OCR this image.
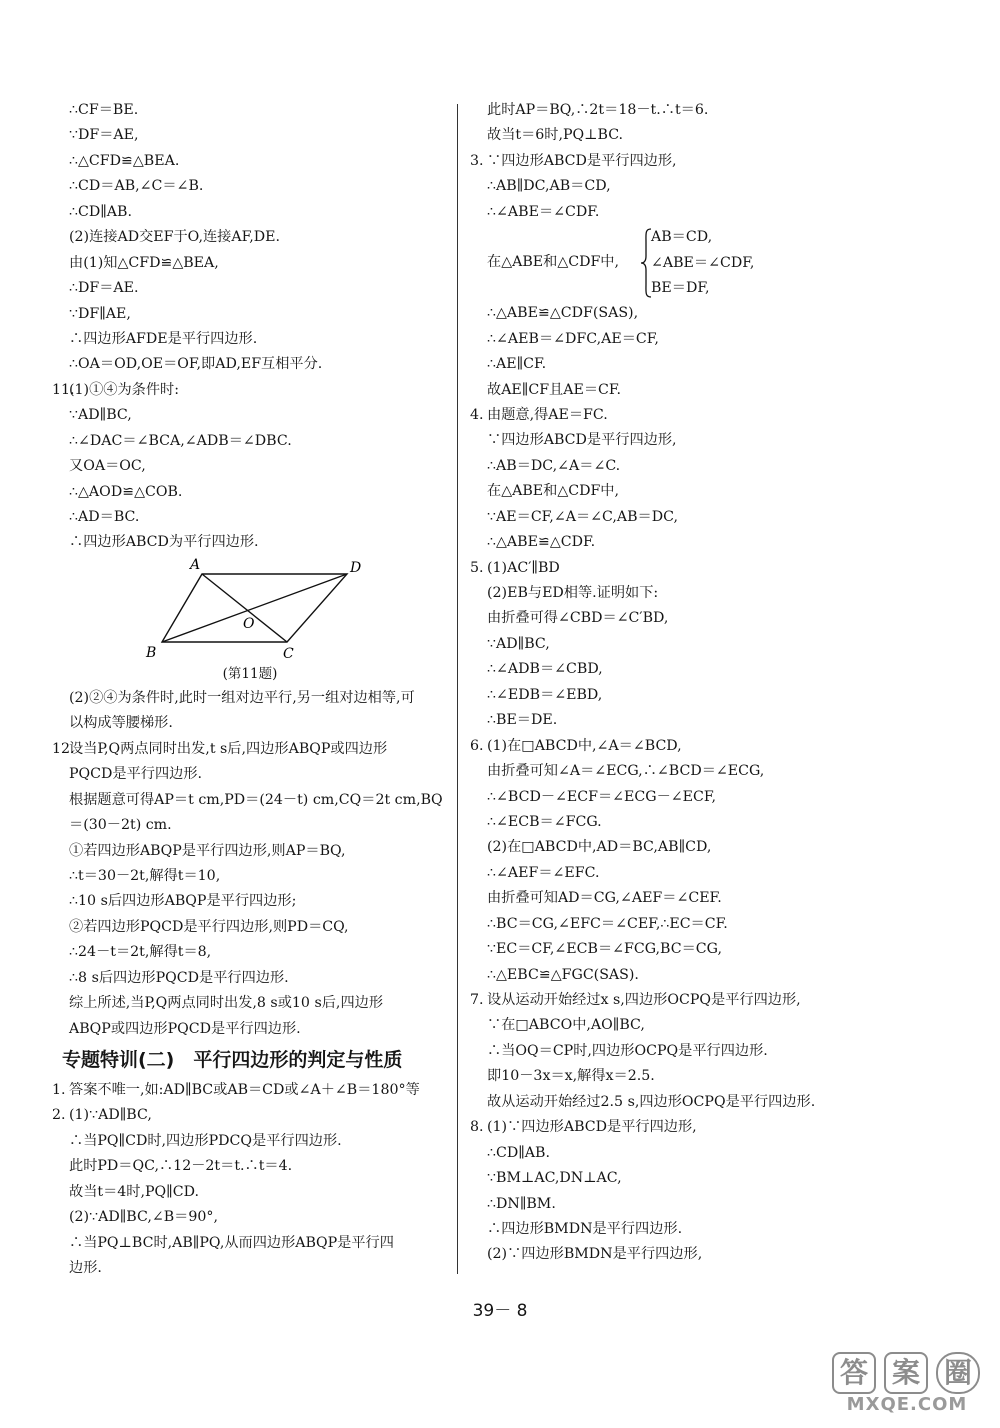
∴CF＝BE.
∵DF＝AE,
∴△CFD≌△BEA.
∴CD＝AB,∠C＝∠B.
∴CD∥AB.
(2)连接AD交EF于O,连接AF,DE.
由(1)知△CFD≌△BEA,
∴DF＝AE.
∵DF∥AE,
∴四边形AFDE是平行四边形.
∴OA＝OD,OE＝OF,即AD,EF互相平分.
11.(1)①④为条件时:
∵AD∥BC,
∴∠DAC＝∠BCA,∠ADB＝∠DBC.
又OA＝OC,
∴△AOD≌△COB.
∴AD＝BC.
∴四边形ABCD为平行四边形.
A	D
B	C
O
(第11题)
(2)②④为条件时,此时一组对边平行,另一组对边相等,可
以构成等腰梯形.
12.设当P,Q两点同时出发,t s后,四边形ABQP或四边形
PQCD是平行四边形.
根据题意可得AP＝t cm,PD＝(24－t) cm,CQ＝2t cm,BQ
＝(30－2t) cm.
①若四边形ABQP是平行四边形,则AP＝BQ,
∴t＝30－2t,解得t＝10,
∴10 s后四边形ABQP是平行四边形;
②若四边形PQCD是平行四边形,则PD＝CQ,
∴24－t＝2t,解得t＝8,
∴8 s后四边形PQCD是平行四边形.
综上所述,当P,Q两点同时出发,8 s或10 s后,四边形
ABQP或四边形PQCD是平行四边形.
专题特训(二)　平行四边形的判定与性质
1. 答案不唯一,如:AD∥BC或AB＝CD或∠A＋∠B＝180°等
2. (1)∵AD∥BC,
∴当PQ∥CD时,四边形PDCQ是平行四边形.
此时PD＝QC,∴12－2t＝t.∴t＝4.
故当t＝4时,PQ∥CD.
(2)∵AD∥BC,∠B＝90°,
∴当PQ⊥BC时,AB∥PQ,从而四边形ABQP是平行四
边形.
此时AP＝BQ,∴2t＝18－t.∴t＝6.
故当t＝6时,PQ⊥BC.
3. ∵四边形ABCD是平行四边形,
∴AB∥DC,AB＝CD,
∴∠ABE＝∠CDF.
在△ABE和△CDF中,
AB＝CD,
∠ABE＝∠CDF,
BE＝DF,
∴△ABE≌△CDF(SAS),
∴∠AEB＝∠DFC,AE＝CF,
∴AE∥CF.
故AE∥CF且AE＝CF.
4. 由题意,得AE＝FC.
∵四边形ABCD是平行四边形,
∴AB＝DC,∠A＝∠C.
在△ABE和△CDF中,
∵AE＝CF,∠A＝∠C,AB＝DC,
∴△ABE≌△CDF.
5. (1)AC′∥BD
(2)EB与ED相等.证明如下:
由折叠可得∠CBD＝∠C′BD,
∵AD∥BC,
∴∠ADB＝∠CBD,
∴∠EDB＝∠EBD,
∴BE＝DE.
6. (1)在□ABCD中,∠A＝∠BCD,
由折叠可知∠A＝∠ECG,∴∠BCD＝∠ECG,
∴∠BCD－∠ECF＝∠ECG－∠ECF,
∴∠ECB＝∠FCG.
(2)在□ABCD中,AD＝BC,AB∥CD,
∴∠AEF＝∠EFC.
由折叠可知AD＝CG,∠AEF＝∠CEF.
∴BC＝CG,∠EFC＝∠CEF,∴EC＝CF.
∵EC＝CF,∠ECB＝∠FCG,BC＝CG,
∴△EBC≌△FGC(SAS).
7. 设从运动开始经过x s,四边形OCPQ是平行四边形,
∵在□ABCO中,AO∥BC,
∴当OQ＝CP时,四边形OCPQ是平行四边形.
即10－3x＝x,解得x＝2.5.
故从运动开始经过2.5 s,四边形OCPQ是平行四边形.
8. (1)∵四边形ABCD是平行四边形,
∴CD∥AB.
∵BM⊥AC,DN⊥AC,
∴DN∥BM.
∴四边形BMDN是平行四边形.
(2)∵四边形BMDN是平行四边形,
39－ 8
答 案 圈
MXQE.COM
